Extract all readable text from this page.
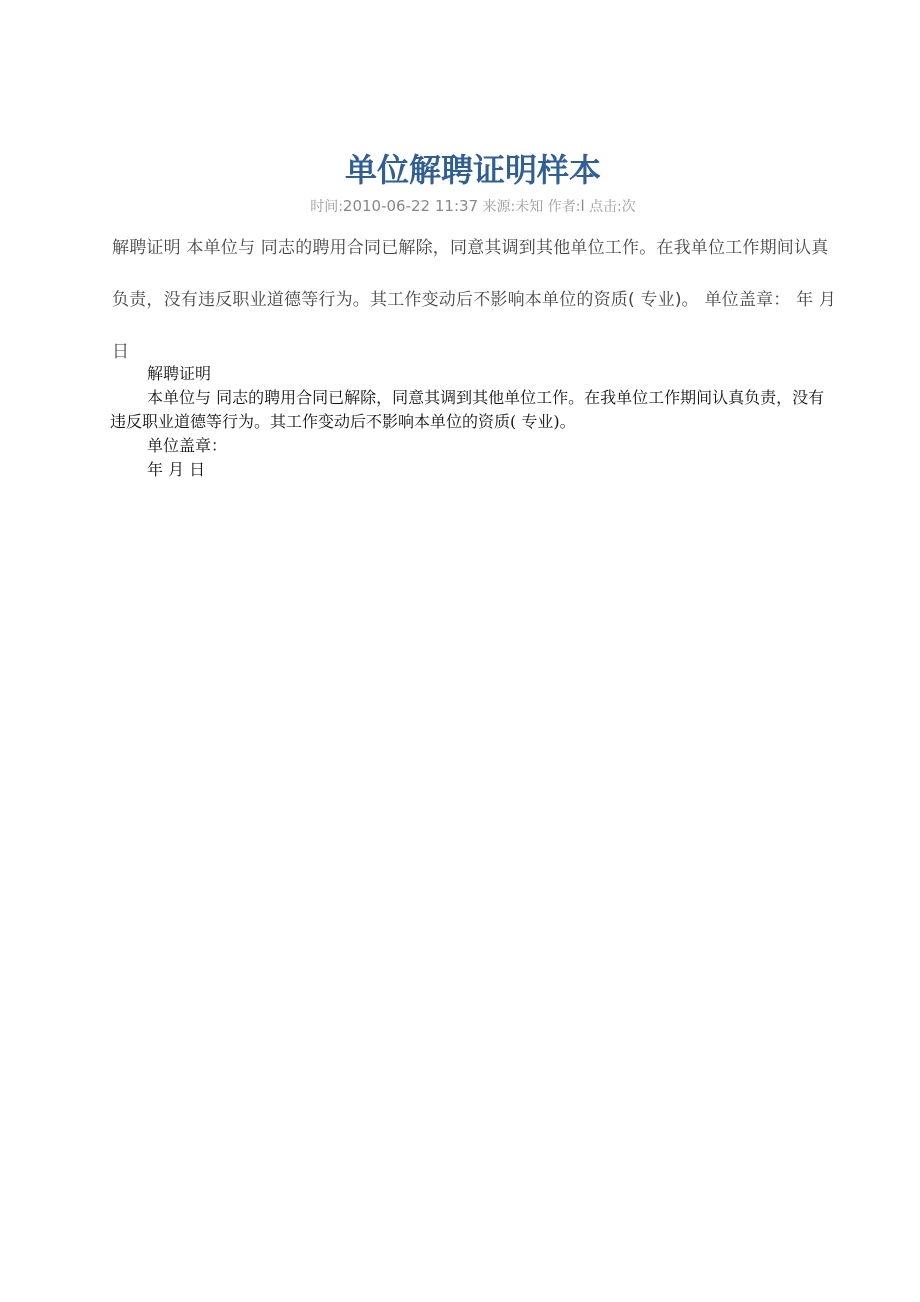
单位解聘证明样本
时间:2010-06-22 11:37 来源:未知 作者:l 点击:次

解聘证明 本单位与 同志的聘用合同已解除，同意其调到其他单位工作。在我单位工作期间认真负责，没有违反职业道德等行为。其工作变动后不影响本单位的资质( 专业)。 单位盖章： 年 月 日

解聘证明

本单位与 同志的聘用合同已解除，同意其调到其他单位工作。在我单位工作期间认真负责，没有违反职业道德等行为。其工作变动后不影响本单位的资质( 专业)。

单位盖章：

年 月 日
